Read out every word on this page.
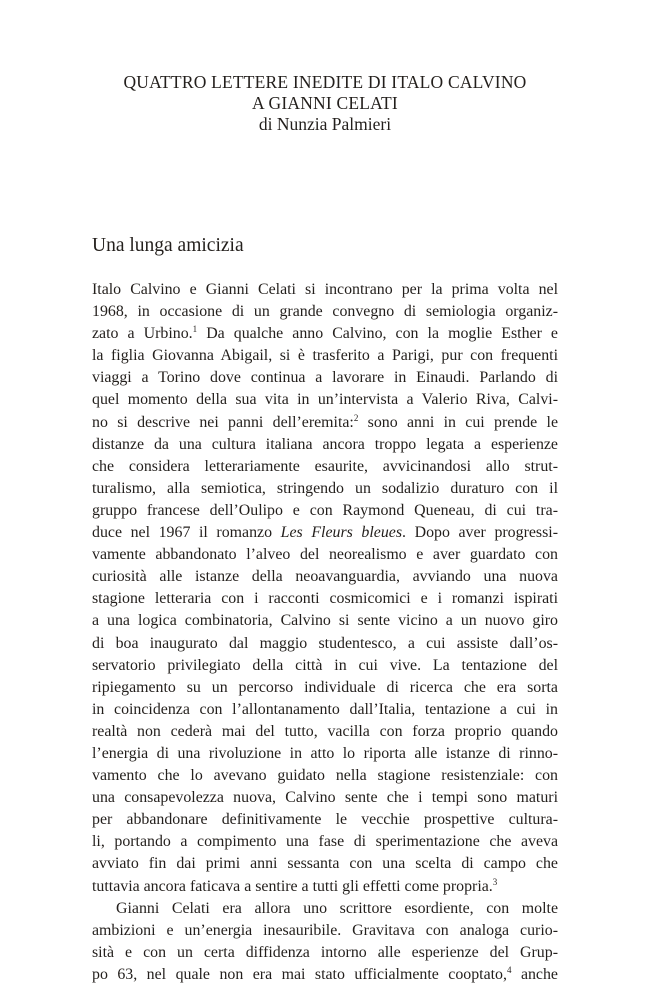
QUATTRO LETTERE INEDITE DI ITALO CALVINO
A GIANNI CELATI
di Nunzia Palmieri
Una lunga amicizia
Italo Calvino e Gianni Celati si incontrano per la prima volta nel
1968, in occasione di un grande convegno di semiologia organiz-
zato a Urbino.$^1$ Da qualche anno Calvino, con la moglie Esther e
la figlia Giovanna Abigail, si è trasferito a Parigi, pur con frequenti
viaggi a Torino dove continua a lavorare in Einaudi. Parlando di
quel momento della sua vita in un’intervista a Valerio Riva, Calvi-
no si descrive nei panni dell’eremita:$^2$ sono anni in cui prende le
distanze da una cultura italiana ancora troppo legata a esperienze
che considera letterariamente esaurite, avvicinandosi allo strut-
turalismo, alla semiotica, stringendo un sodalizio duraturo con il
gruppo francese dell’Oulipo e con Raymond Queneau, di cui tra-
duce nel 1967 il romanzo Les Fleurs bleues. Dopo aver progressi-
vamente abbandonato l’alveo del neorealismo e aver guardato con
curiosità alle istanze della neoavanguardia, avviando una nuova
stagione letteraria con i racconti cosmicomici e i romanzi ispirati
a una logica combinatoria, Calvino si sente vicino a un nuovo giro
di boa inaugurato dal maggio studentesco, a cui assiste dall’os-
servatorio privilegiato della città in cui vive. La tentazione del
ripiegamento su un percorso individuale di ricerca che era sorta
in coincidenza con l’allontanamento dall’Italia, tentazione a cui in
realtà non cederà mai del tutto, vacilla con forza proprio quando
l’energia di una rivoluzione in atto lo riporta alle istanze di rinno-
vamento che lo avevano guidato nella stagione resistenziale: con
una consapevolezza nuova, Calvino sente che i tempi sono maturi
per abbandonare definitivamente le vecchie prospettive cultura-
li, portando a compimento una fase di sperimentazione che aveva
avviato fin dai primi anni sessanta con una scelta di campo che
tuttavia ancora faticava a sentire a tutti gli effetti come propria.$^3$
Gianni Celati era allora uno scrittore esordiente, con molte
ambizioni e un’energia inesauribile. Gravitava con analoga curio-
sità e con un certa diffidenza intorno alle esperienze del Grup-
po 63, nel quale non era mai stato ufficialmente cooptato,$^4$ anche
